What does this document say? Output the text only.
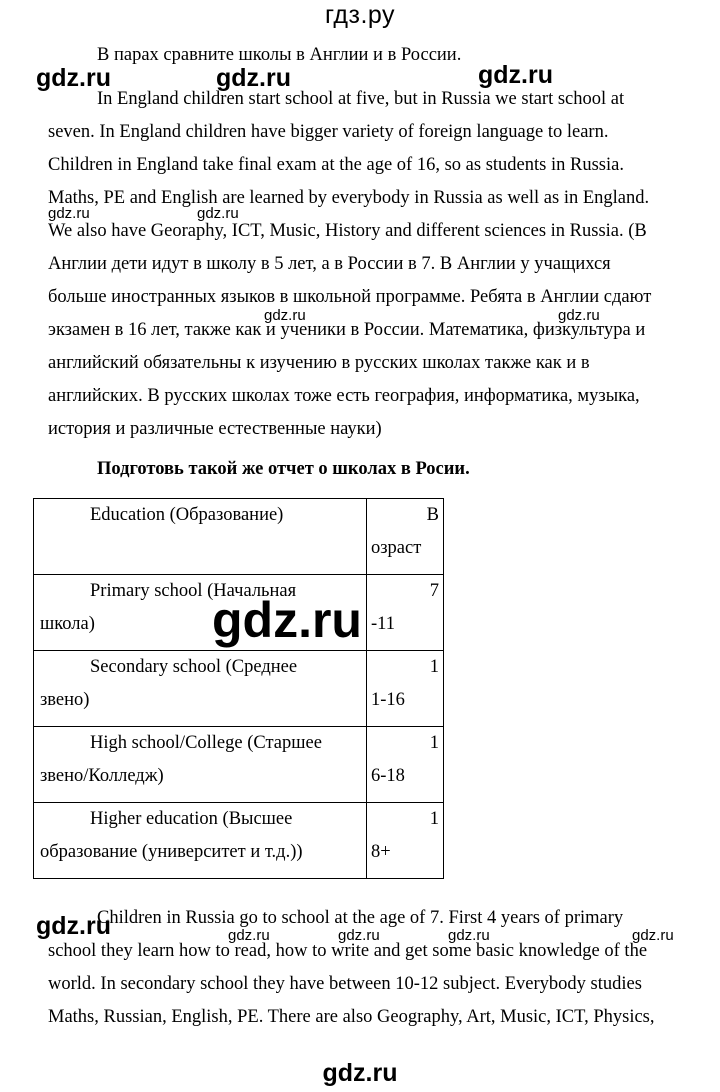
гдз.ру

В парах сравните школы в Англии и в России.

In England children start school at five, but in Russia we start school at
seven. In England children have bigger variety of foreign language to learn.
Children in England take final exam at the age of 16, so as students in Russia.
Maths, PE and English are learned by everybody in Russia as well as in England.
We also have Georaphy, ICT, Music, History and different sciences in Russia. (В
Англии дети идут в школу в 5 лет, а в России в 7. В Англии у учащихся
больше иностранных языков в школьной программе. Ребята в Англии сдают
экзамен в 16 лет, также как и ученики в России. Математика, физкультура и
английский обязательны к изучению в русских школах также как и в
английских. В русских школах тоже есть география, информатика, музыка,
история и различные естественные науки)

Подготовь такой же отчет о школах в Росии.

Education (Образование)	В
озраст

Primary school (Начальная
школа)	7
-11

Secondary school (Среднее
звено)	1
1-16

High school/College (Старшее
звено/Колледж)	1
6-18

Higher education (Высшее
образование (университет и т.д.))	1
8+

Children in Russia go to school at the age of 7. First 4 years of primary
school they learn how to read, how to write and get some basic knowledge of the
world. In secondary school they have between 10-12 subject. Everybody studies
Maths, Russian, English, PE. There are also Geography, Art, Music, ICT, Physics,

gdz.ru	gdz.ru	gdz.ru
gdz.ru	gdz.ru
gdz.ru	gdz.ru
gdz.ru
gdz.ru	gdz.ru	gdz.ru	gdz.ru	gdz.ru
gdz.ru
